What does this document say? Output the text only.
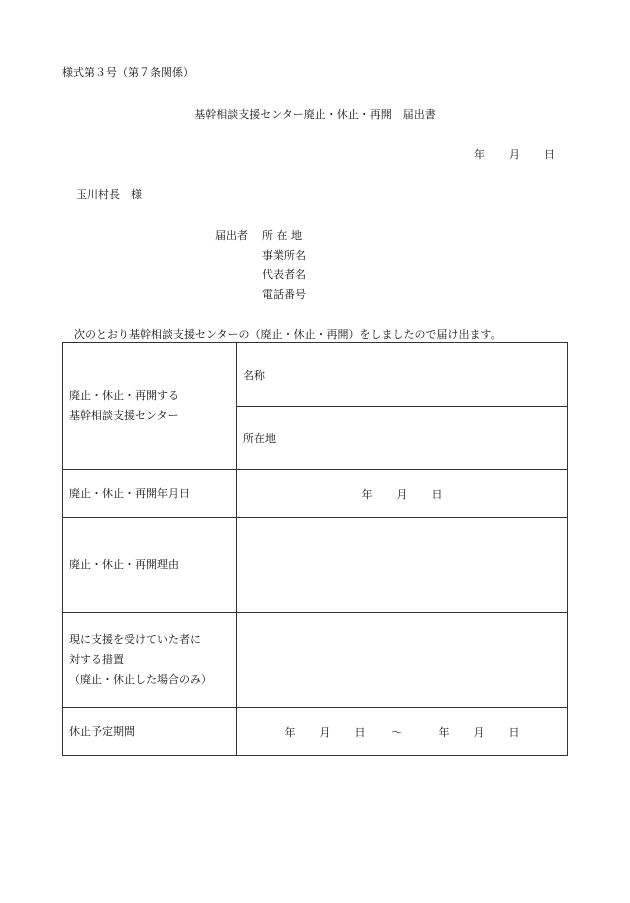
様式第３号（第７条関係）
基幹相談支援センター廃止・休止・再開　届出書
年 月 日
玉川村長　様
届出者	所 在 地
事業所名
代表者名
電話番号
次のとおり基幹相談支援センターの（廃止・休止・再開）をしましたので届け出ます。
廃止・休止・再開する
基幹相談支援センター	名称
	所在地
廃止・休止・再開年月日	年 月 日
廃止・休止・再開理由	

現に支援を受けていた者に
対する措置
（廃止・休止した場合のみ）	

休止予定期間	年 月 日 ～ 年 月 日
